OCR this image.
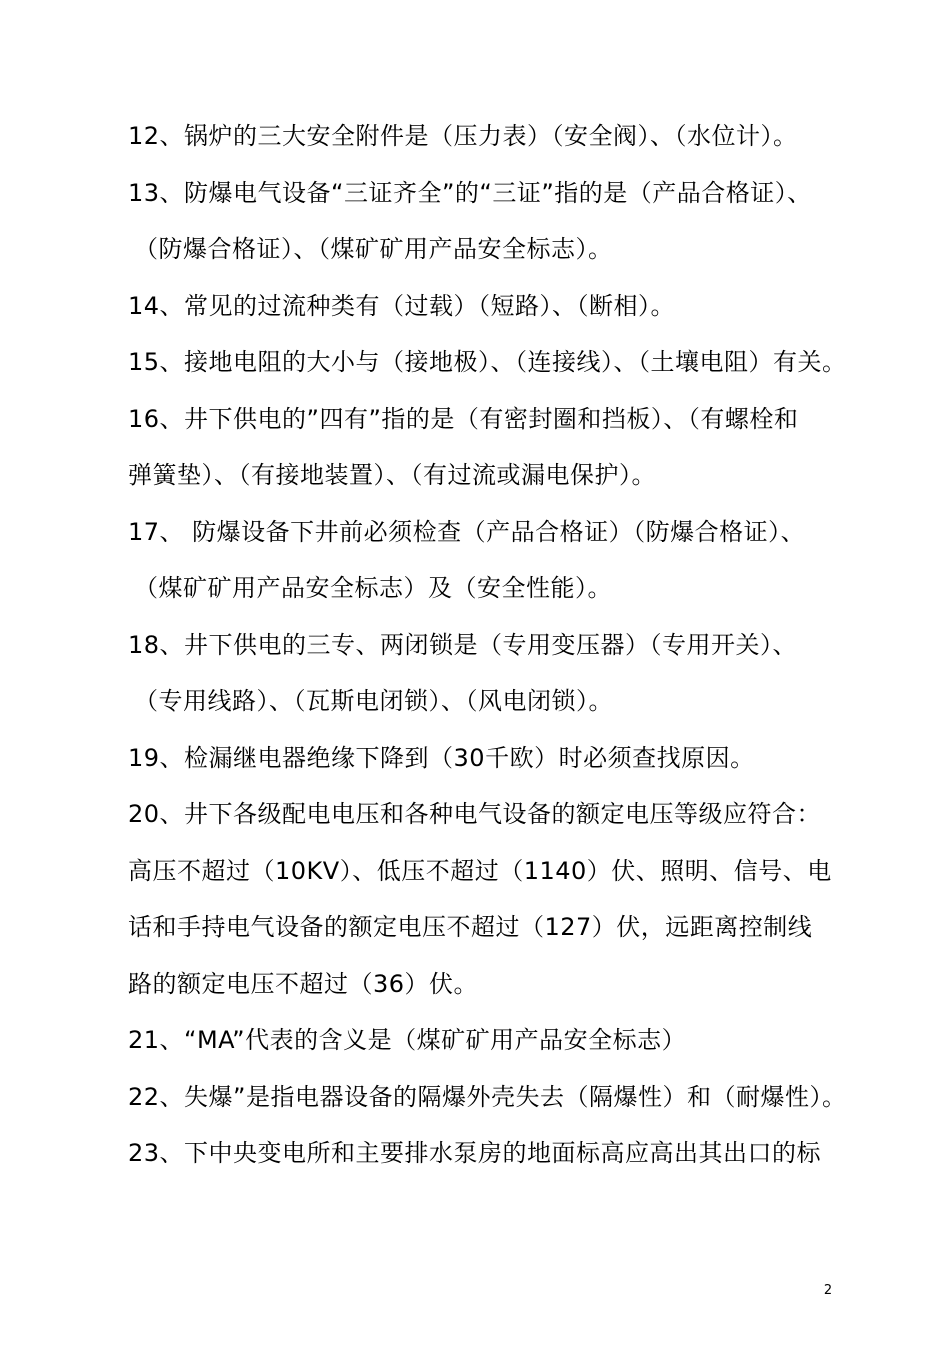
12、锅炉的三大安全附件是（压力表）（安全阀）、（水位计）。
13、防爆电气设备“三证齐全”的“三证”指的是（产品合格证）、
（防爆合格证）、（煤矿矿用产品安全标志）。
14、常见的过流种类有（过载）（短路）、（断相）。
15、接地电阻的大小与（接地极）、（连接线）、（土壤电阻）有关。
16、井下供电的”四有”指的是（有密封圈和挡板）、（有螺栓和
弹簧垫）、（有接地装置）、（有过流或漏电保护）。
17、 防爆设备下井前必须检查（产品合格证）（防爆合格证）、
（煤矿矿用产品安全标志）及（安全性能）。
18、井下供电的三专、两闭锁是（专用变压器）（专用开关）、
（专用线路）、（瓦斯电闭锁）、（风电闭锁）。
19、检漏继电器绝缘下降到（30千欧）时必须查找原因。
20、井下各级配电电压和各种电气设备的额定电压等级应符合：
高压不超过（10KV）、低压不超过（1140）伏、照明、信号、电
话和手持电气设备的额定电压不超过（127）伏，远距离控制线
路的额定电压不超过（36）伏。
21、“MA”代表的含义是（煤矿矿用产品安全标志）
22、失爆”是指电器设备的隔爆外壳失去（隔爆性）和（耐爆性）。
23、下中央变电所和主要排水泵房的地面标高应高出其出口的标
2
